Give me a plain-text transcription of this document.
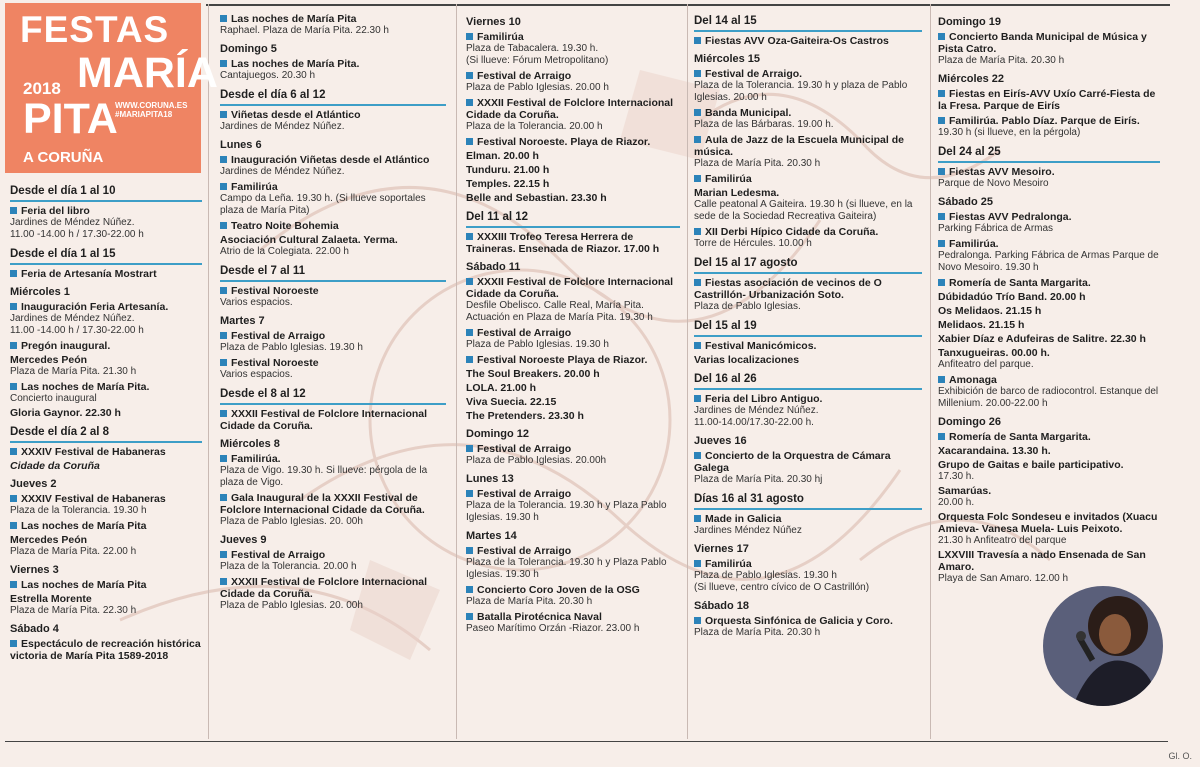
FESTAS
2018 MARÍA
PITA
WWW.CORUNA.ES
#MARIAPITA18
A CORUÑA
Desde el día 1 al 10
Feria del libro
Jardines de Méndez Núñez.
11.00 -14.00 h / 17.30-22.00 h
Desde el día 1 al 15
Feria de Artesanía Mostrart
Miércoles 1
Inauguración Feria Artesanía.
Jardines de Méndez Núñez.
11.00 -14.00 h / 17.30-22.00 h
Pregón inaugural.
Mercedes Peón
Plaza de María Pita. 21.30 h
Las noches de María Pita.
Concierto inaugural
Gloria Gaynor. 22.30 h
Desde el día 2 al 8
XXXIV Festival de Habaneras
Cidade da Coruña
Jueves 2
XXXIV Festival de Habaneras
Plaza de la Tolerancia. 19.30 h
Las noches de María Pita
Mercedes Peón
Plaza de María Pita. 22.00 h
Viernes 3
Las noches de María Pita
Estrella Morente
Plaza de María Pita. 22.30 h
Sábado 4
Espectáculo de recreación histórica victoria de María Pita 1589-2018
Las noches de María Pita
Raphael. Plaza de María Pita. 22.30 h
Domingo 5
Las noches de María Pita.
Cantajuegos. 20.30 h
Desde el día 6 al 12
Viñetas desde el Atlántico
Jardines de Méndez Núñez.
Lunes 6
Inauguración Viñetas desde el Atlántico
Jardines de Méndez Núñez.
Familirúa
Campo da Leña. 19.30 h. (Si llueve soportales plaza de María Pita)
Teatro Noite Bohemia
Asociación Cultural Zalaeta. Yerma.
Atrio de la Colegiata. 22.00 h
Desde el 7 al 11
Festival Noroeste
Varios espacios.
Martes 7
Festival de Arraigo
Plaza de Pablo Iglesias. 19.30 h
Festival Noroeste
Varios espacios.
Desde el 8 al 12
XXXII Festival de Folclore Internacional Cidade da Coruña.
Miércoles 8
Familirúa.
Plaza de Vigo. 19.30 h. Si llueve: pérgola de la plaza de Vigo.
Gala Inaugural de la XXXII Festival de Folclore Internacional Cidade da Coruña.
Plaza de Pablo Iglesias. 20. 00h
Jueves 9
Festival de Arraigo
Plaza de la Tolerancia. 20.00 h
XXXII Festival de Folclore Internacional Cidade da Coruña.
Plaza de Pablo Iglesias. 20. 00h
Viernes 10
Familirúa
Plaza de Tabacalera. 19.30 h.
(Si llueve: Fórum Metropolitano)
Festival de Arraigo
Plaza de Pablo Iglesias. 20.00 h
XXXII Festival de Folclore Internacional Cidade da Coruña.
Plaza de la Tolerancia. 20.00 h
Festival Noroeste. Playa de Riazor.
Elman. 20.00 h
Tunduru. 21.00 h
Temples. 22.15 h
Belle and Sebastian. 23.30 h
Del 11 al 12
XXXIII Trofeo Teresa Herrera de Traineras. Ensenada de Riazor. 17.00 h
Sábado 11
XXXII Festival de Folclore Internacional Cidade da Coruña.
Desfile Obelisco. Calle Real, María Pita. Actuación en Plaza de María Pita. 19.30 h
Festival de Arraigo
Plaza de Pablo Iglesias. 19.30 h
Festival Noroeste Playa de Riazor.
The Soul Breakers. 20.00 h
LOLA. 21.00 h
Viva Suecia. 22.15
The Pretenders. 23.30 h
Domingo 12
Festival de Arraigo
Plaza de Pablo Iglesias. 20.00h
Lunes 13
Festival de Arraigo
Plaza de la Tolerancia. 19.30 h y Plaza Pablo Iglesias. 19.30 h
Martes 14
Festival de Arraigo
Plaza de la Tolerancia. 19.30 h y Plaza Pablo Iglesias. 19.30 h
Concierto Coro Joven de la OSG
Plaza de María Pita. 20.30 h
Batalla Pirotécnica Naval
Paseo Marítimo Orzán -Riazor. 23.00 h
Del 14 al 15
Fiestas AVV Oza-Gaiteira-Os Castros
Miércoles 15
Festival de Arraigo.
Plaza de la Tolerancia. 19.30 h y plaza de Pablo Iglesias. 20.00 h
Banda Municipal.
Plaza de las Bárbaras. 19.00 h.
Aula de Jazz de la Escuela Municipal de música.
Plaza de María Pita. 20.30 h
Familirúa
Marian Ledesma.
Calle peatonal A Gaiteira. 19.30 h (si llueve, en la sede de la Sociedad Recreativa Gaiteira)
XII Derbi Hípico Cidade da Coruña.
Torre de Hércules. 10.00 h
Del 15 al 17 agosto
Fiestas asociación de vecinos de O Castrillón- Urbanización Soto.
Plaza de Pablo Iglesias.
Del 15 al 19
Festival Manicómicos.
Varias localizaciones
Del 16 al 26
Feria del Libro Antiguo.
Jardines de Méndez Núñez.
11.00-14.00/17.30-22.00 h.
Jueves 16
Concierto de la Orquestra de Cámara Galega
Plaza de María Pita. 20.30 hj
Días 16 al 31 agosto
Made in Galicia
Jardines Méndez Núñez
Viernes 17
Familirúa
Plaza de Pablo Iglesias. 19.30 h
(Si llueve, centro cívico de O Castrillón)
Sábado 18
Orquesta Sinfónica de Galicia y Coro.
Plaza de María Pita. 20.30 h
Domingo 19
Concierto Banda Municipal de Música y Pista Catro.
Plaza de María Pita. 20.30 h
Miércoles 22
Fiestas en Eirís-AVV Uxío Carré-Fiesta de la Fresa. Parque de Eirís
Familirúa. Pablo Díaz. Parque de Eirís.
19.30 h (si llueve, en la pérgola)
Del 24 al 25
Fiestas AVV Mesoiro.
Parque de Novo Mesoiro
Sábado 25
Fiestas AVV Pedralonga.
Parking Fábrica de Armas
Familirúa.
Pedralonga. Parking Fábrica de Armas Parque de Novo Mesoiro. 19.30 h
Romería de Santa Margarita.
Dúbidadúo Trío Band. 20.00 h
Os Melidaos. 21.15 h
Melidaos. 21.15 h
Xabier Díaz e Adufeiras de Salitre. 22.30 h
Tanxugueiras. 00.00 h.
Anfiteatro del parque.
Amonaga
Exhibición de barco de radiocontrol. Estanque del Millenium. 20.00-22.00 h
Domingo 26
Romería de Santa Margarita.
Xacarandaina. 13.30 h.
Grupo de Gaitas e baile participativo.
17.30 h.
Samarúas.
20.00 h.
Orquesta Folc Sondeseu e invitados (Xuacu Amieva- Vanesa Muela- Luis Peixoto.
21.30 h Anfiteatro del parque
LXXVIII Travesía a nado Ensenada de San Amaro.
Playa de San Amaro. 12.00 h
Gl. O.
